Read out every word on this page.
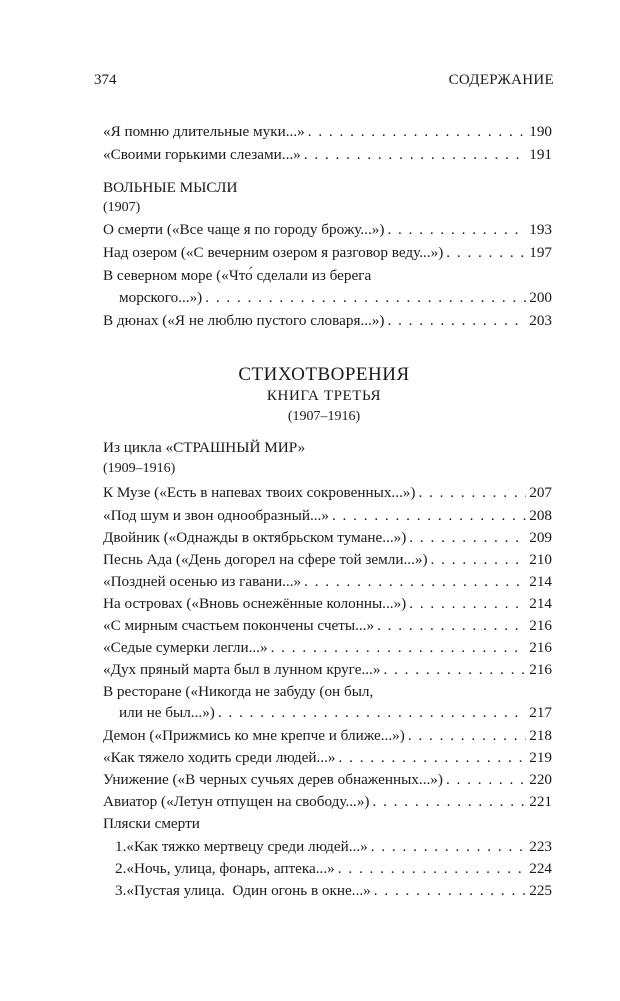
374	СОДЕРЖАНИЕ
«Я помню длительные муки...» . . .	190
«Своими горькими слезами...» . . .	191
ВОЛЬНЫЕ МЫСЛИ
(1907)
О смерти («Все чаще я по городу брожу...») . . .	193
Над озером («С вечерним озером я разговор веду...») . . .	197
В северном море («Что́ сделали из берега
морского...») . . .	200
В дюнах («Я не люблю пустого словаря...») . . .	203
СТИХОТВОРЕНИЯ
КНИГА ТРЕТЬЯ
(1907–1916)
Из цикла «СТРАШНЫЙ МИР»
(1909–1916)
К Музе («Есть в напевах твоих сокровенных...») . . .	207
«Под шум и звон однообразный...» . . .	208
Двойник («Однажды в октябрьском тумане...») . . .	209
Песнь Ада («День догорел на сфере той земли...») . . .	210
«Поздней осенью из гавани...» . . .	214
На островах («Вновь оснежённые колонны...») . . .	214
«С мирным счастьем покончены счеты...» . . .	216
«Седые сумерки легли...» . . .	216
«Дух пряный марта был в лунном круге...» . . .	216
В ресторане («Никогда не забуду (он был,
или не был...») . . .	217
Демон («Прижмись ко мне крепче и ближе...») . . .	218
«Как тяжело ходить среди людей...» . . .	219
Унижение («В черных сучьях дерев обнаженных...») . . .	220
Авиатор («Летун отпущен на свободу...») . . .	221
Пляски смерти
1. «Как тяжко мертвецу среди людей...» . . .	223
2. «Ночь, улица, фонарь, аптека...» . . .	224
3. «Пустая улица.  Один огонь в окне...» . . .	225
